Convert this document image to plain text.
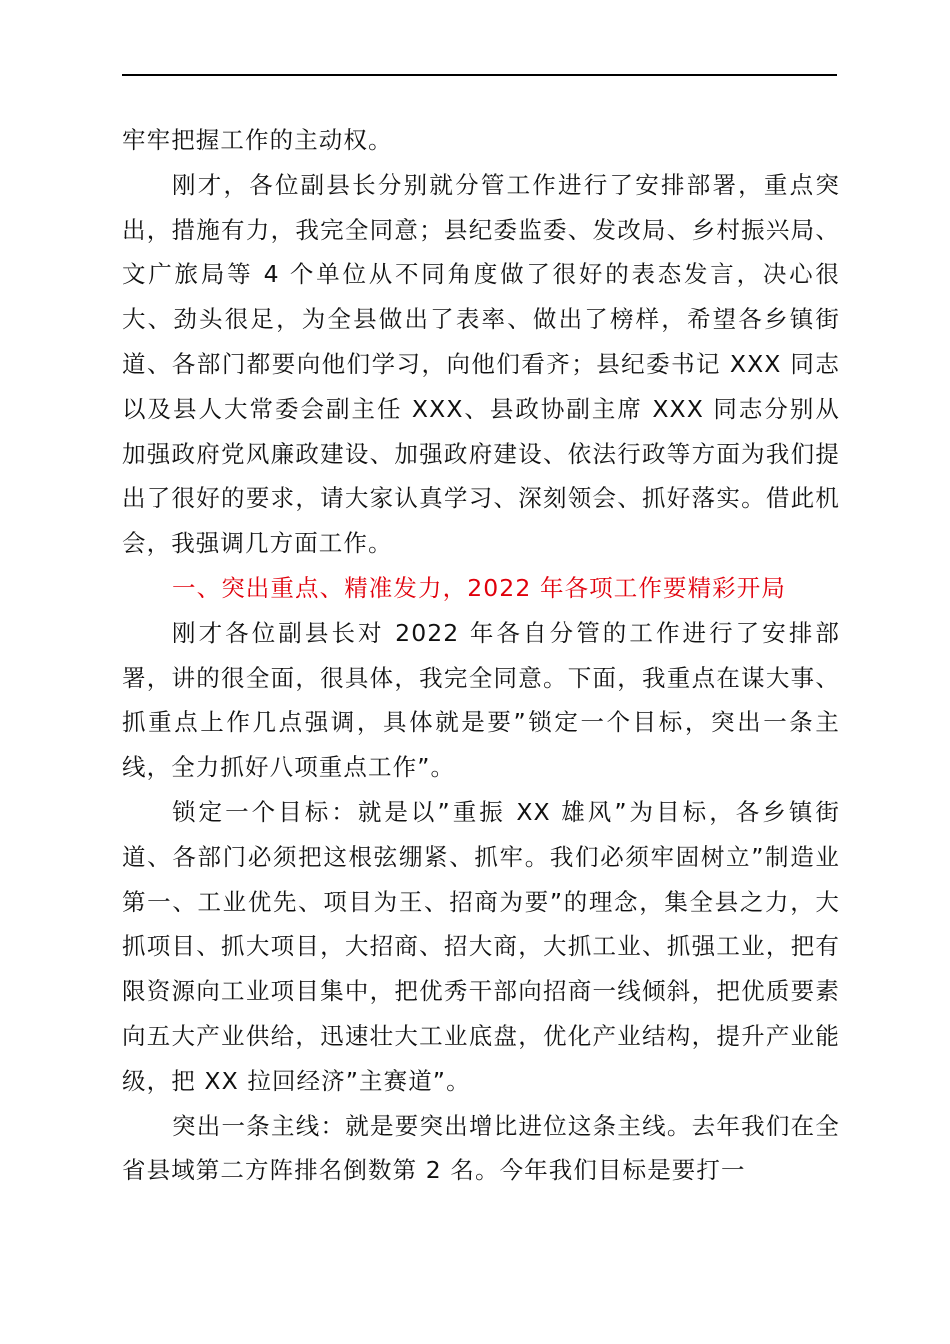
牢牢把握工作的主动权。

刚才，各位副县长分别就分管工作进行了安排部署，重点突出，措施有力，我完全同意；县纪委监委、发改局、乡村振兴局、文广旅局等 4 个单位从不同角度做了很好的表态发言，决心很大、劲头很足，为全县做出了表率、做出了榜样，希望各乡镇街道、各部门都要向他们学习，向他们看齐；县纪委书记 XXX 同志以及县人大常委会副主任 XXX、县政协副主席 XXX 同志分别从加强政府党风廉政建设、加强政府建设、依法行政等方面为我们提出了很好的要求，请大家认真学习、深刻领会、抓好落实。借此机会，我强调几方面工作。

一、突出重点、精准发力，2022 年各项工作要精彩开局

刚才各位副县长对 2022 年各自分管的工作进行了安排部署，讲的很全面，很具体，我完全同意。下面，我重点在谋大事、抓重点上作几点强调，具体就是要”锁定一个目标，突出一条主线，全力抓好八项重点工作”。

锁定一个目标：就是以”重振 XX 雄风”为目标，各乡镇街道、各部门必须把这根弦绷紧、抓牢。我们必须牢固树立”制造业第一、工业优先、项目为王、招商为要”的理念，集全县之力，大抓项目、抓大项目，大招商、招大商，大抓工业、抓强工业，把有限资源向工业项目集中，把优秀干部向招商一线倾斜，把优质要素向五大产业供给，迅速壮大工业底盘，优化产业结构，提升产业能级，把 XX 拉回经济”主赛道”。

突出一条主线：就是要突出增比进位这条主线。去年我们在全省县域第二方阵排名倒数第 2 名。今年我们目标是要打一
